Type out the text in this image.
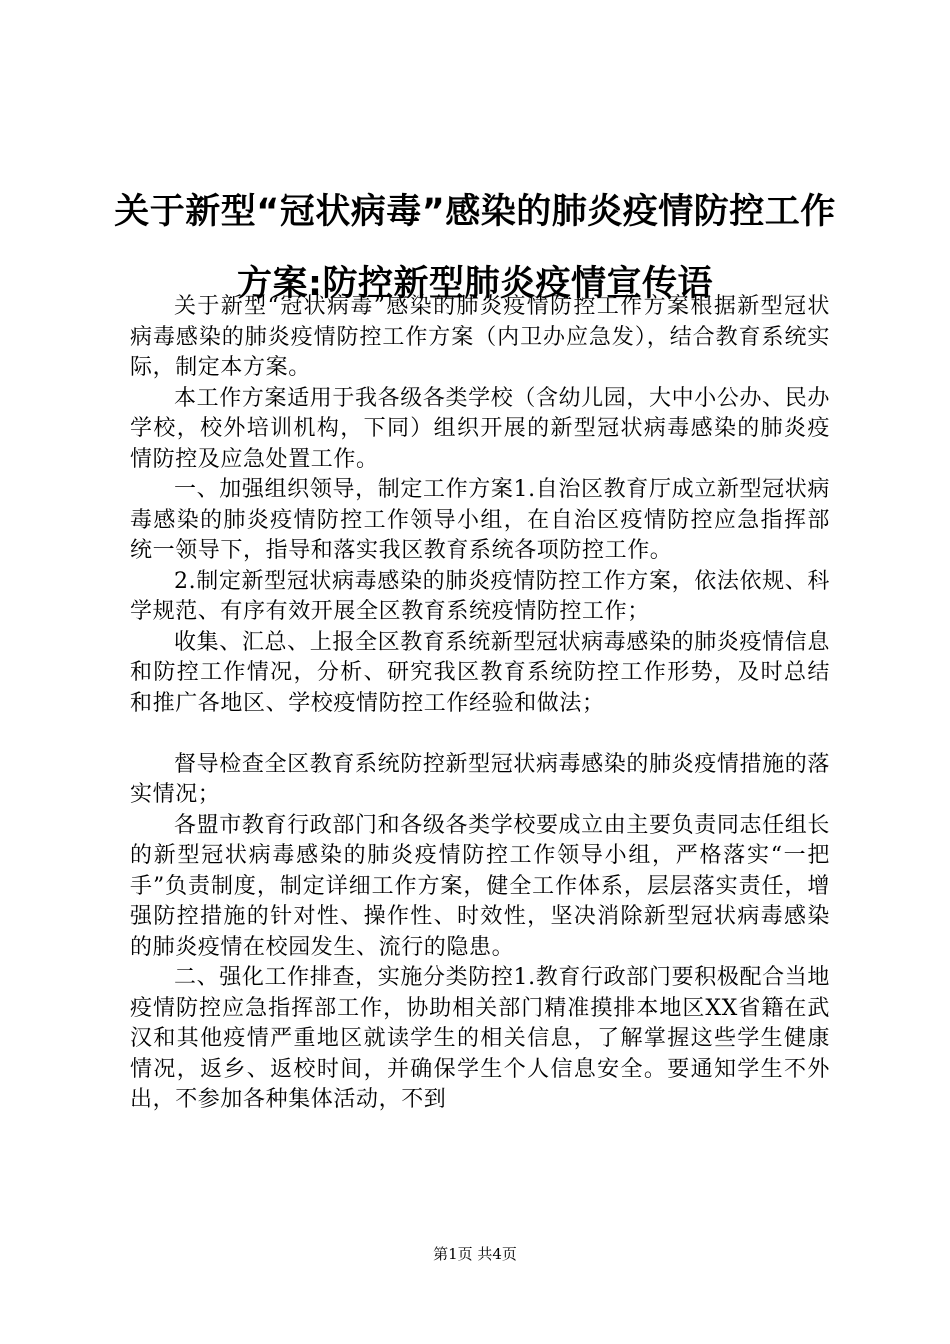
关于新型“冠状病毒”感染的肺炎疫情防控工作方案:防控新型肺炎疫情宣传语

关于新型“冠状病毒”感染的肺炎疫情防控工作方案根据新型冠状病毒感染的肺炎疫情防控工作方案（内卫办应急发），结合教育系统实际，制定本方案。

本工作方案适用于我各级各类学校（含幼儿园，大中小公办、民办学校，校外培训机构，下同）组织开展的新型冠状病毒感染的肺炎疫情防控及应急处置工作。

一、加强组织领导，制定工作方案1.自治区教育厅成立新型冠状病毒感染的肺炎疫情防控工作领导小组，在自治区疫情防控应急指挥部统一领导下，指导和落实我区教育系统各项防控工作。

2.制定新型冠状病毒感染的肺炎疫情防控工作方案，依法依规、科学规范、有序有效开展全区教育系统疫情防控工作；

收集、汇总、上报全区教育系统新型冠状病毒感染的肺炎疫情信息和防控工作情况，分析、研究我区教育系统防控工作形势，及时总结和推广各地区、学校疫情防控工作经验和做法；

督导检查全区教育系统防控新型冠状病毒感染的肺炎疫情措施的落实情况；

各盟市教育行政部门和各级各类学校要成立由主要负责同志任组长的新型冠状病毒感染的肺炎疫情防控工作领导小组，严格落实“一把手”负责制度，制定详细工作方案，健全工作体系，层层落实责任，增强防控措施的针对性、操作性、时效性，坚决消除新型冠状病毒感染的肺炎疫情在校园发生、流行的隐患。

二、强化工作排查，实施分类防控1.教育行政部门要积极配合当地疫情防控应急指挥部工作，协助相关部门精准摸排本地区XX省籍在武汉和其他疫情严重地区就读学生的相关信息，了解掌握这些学生健康情况，返乡、返校时间，并确保学生个人信息安全。要通知学生不外出，不参加各种集体活动，不到

第1页 共4页
